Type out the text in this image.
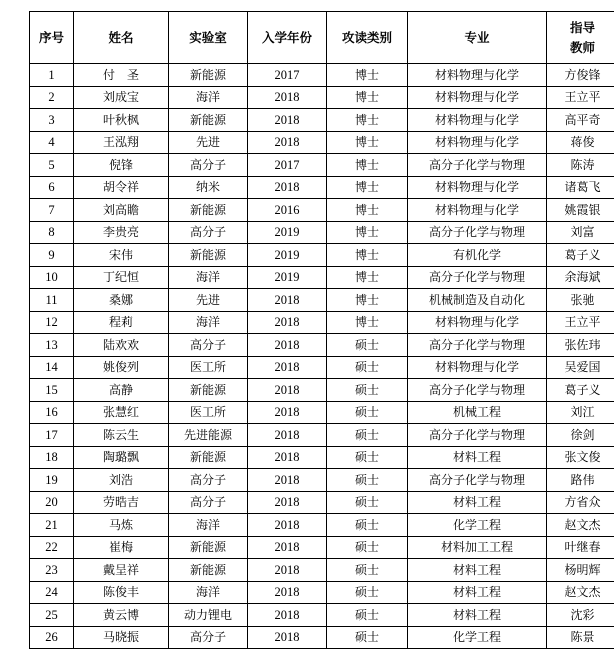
序号	姓名	实验室	入学年份	攻读类别	专业	指导教师
1	付　圣	新能源	2017	博士	材料物理与化学	方俊锋
2	刘成宝	海洋	2018	博士	材料物理与化学	王立平
3	叶秋枫	新能源	2018	博士	材料物理与化学	高平奇
4	王泓翔	先进	2018	博士	材料物理与化学	蒋俊
5	倪锋	高分子	2017	博士	高分子化学与物理	陈涛
6	胡令祥	纳米	2018	博士	材料物理与化学	诸葛飞
7	刘高瞻	新能源	2016	博士	材料物理与化学	姚霞银
8	李贵亮	高分子	2019	博士	高分子化学与物理	刘富
9	宋伟	新能源	2019	博士	有机化学	葛子义
10	丁纪恒	海洋	2019	博士	高分子化学与物理	余海斌
11	桑娜	先进	2018	博士	机械制造及自动化	张驰
12	程莉	海洋	2018	博士	材料物理与化学	王立平
13	陆欢欢	高分子	2018	硕士	高分子化学与物理	张佐玮
14	姚俊列	医工所	2018	硕士	材料物理与化学	吴爱国
15	高静	新能源	2018	硕士	高分子化学与物理	葛子义
16	张慧红	医工所	2018	硕士	机械工程	刘江
17	陈云生	先进能源	2018	硕士	高分子化学与物理	徐剑
18	陶璐飘	新能源	2018	硕士	材料工程	张文俊
19	刘浩	高分子	2018	硕士	高分子化学与物理	路伟
20	劳晧吉	高分子	2018	硕士	材料工程	方省众
21	马炼	海洋	2018	硕士	化学工程	赵文杰
22	崔梅	新能源	2018	硕士	材料加工工程	叶继春
23	戴呈祥	新能源	2018	硕士	材料工程	杨明辉
24	陈俊丰	海洋	2018	硕士	材料工程	赵文杰
25	黄云博	动力锂电	2018	硕士	材料工程	沈彩
26	马晓振	高分子	2018	硕士	化学工程	陈景
